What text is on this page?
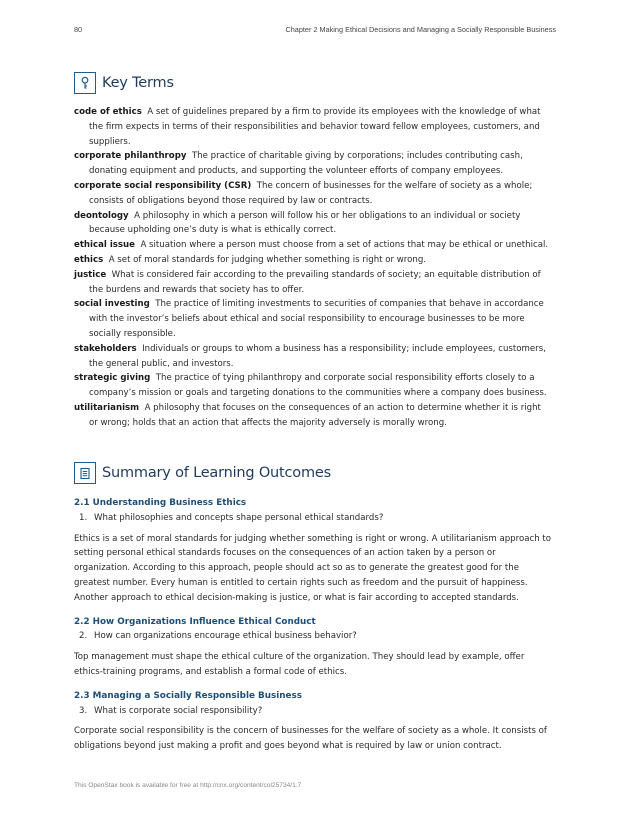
80	Chapter 2 Making Ethical Decisions and Managing a Socially Responsible Business
Key Terms
code of ethics A set of guidelines prepared by a firm to provide its employees with the knowledge of what the firm expects in terms of their responsibilities and behavior toward fellow employees, customers, and suppliers.
corporate philanthropy The practice of charitable giving by corporations; includes contributing cash, donating equipment and products, and supporting the volunteer efforts of company employees.
corporate social responsibility (CSR) The concern of businesses for the welfare of society as a whole; consists of obligations beyond those required by law or contracts.
deontology A philosophy in which a person will follow his or her obligations to an individual or society because upholding one’s duty is what is ethically correct.
ethical issue A situation where a person must choose from a set of actions that may be ethical or unethical.
ethics A set of moral standards for judging whether something is right or wrong.
justice What is considered fair according to the prevailing standards of society; an equitable distribution of the burdens and rewards that society has to offer.
social investing The practice of limiting investments to securities of companies that behave in accordance with the investor’s beliefs about ethical and social responsibility to encourage businesses to be more socially responsible.
stakeholders Individuals or groups to whom a business has a responsibility; include employees, customers, the general public, and investors.
strategic giving The practice of tying philanthropy and corporate social responsibility efforts closely to a company’s mission or goals and targeting donations to the communities where a company does business.
utilitarianism A philosophy that focuses on the consequences of an action to determine whether it is right or wrong; holds that an action that affects the majority adversely is morally wrong.
Summary of Learning Outcomes
2.1 Understanding Business Ethics
1. What philosophies and concepts shape personal ethical standards?
Ethics is a set of moral standards for judging whether something is right or wrong. A utilitarianism approach to setting personal ethical standards focuses on the consequences of an action taken by a person or organization. According to this approach, people should act so as to generate the greatest good for the greatest number. Every human is entitled to certain rights such as freedom and the pursuit of happiness. Another approach to ethical decision-making is justice, or what is fair according to accepted standards.
2.2 How Organizations Influence Ethical Conduct
2. How can organizations encourage ethical business behavior?
Top management must shape the ethical culture of the organization. They should lead by example, offer ethics-training programs, and establish a formal code of ethics.
2.3 Managing a Socially Responsible Business
3. What is corporate social responsibility?
Corporate social responsibility is the concern of businesses for the welfare of society as a whole. It consists of obligations beyond just making a profit and goes beyond what is required by law or union contract.
This OpenStax book is available for free at http://cnx.org/content/col25734/1.7
